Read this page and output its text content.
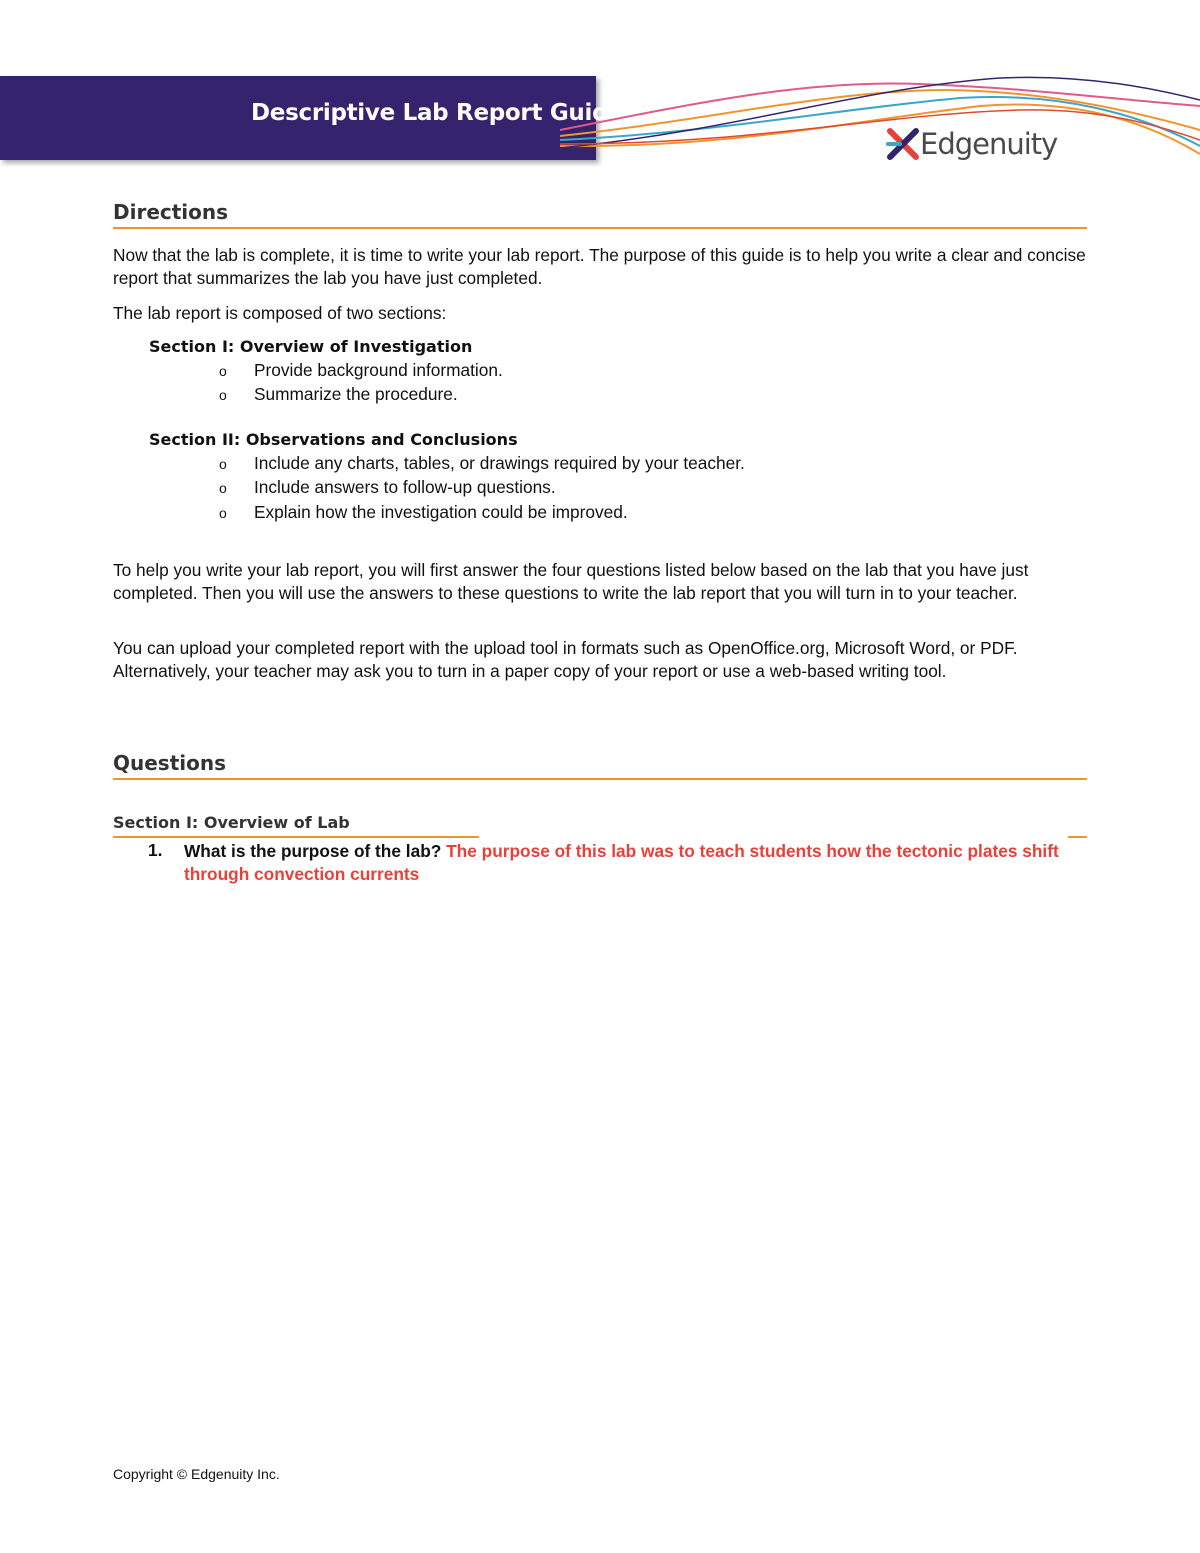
Descriptive Lab Report Guide
Edgenuity
Directions

Now that the lab is complete, it is time to write your lab report. The purpose of this guide is to help you write a clear and concise report that summarizes the lab you have just completed.

The lab report is composed of two sections:

Section I: Overview of Investigation
o Provide background information.
o Summarize the procedure.
Section II: Observations and Conclusions
o Include any charts, tables, or drawings required by your teacher.
o Include answers to follow-up questions.
o Explain how the investigation could be improved.

To help you write your lab report, you will first answer the four questions listed below based on the lab that you have just completed. Then you will use the answers to these questions to write the lab report that you will turn in to your teacher.

You can upload your completed report with the upload tool in formats such as OpenOffice.org, Microsoft Word, or PDF. Alternatively, your teacher may ask you to turn in a paper copy of your report or use a web-based writing tool.

Questions
Section I: Overview of Lab
1. What is the purpose of the lab? The purpose of this lab was to teach students how the tectonic plates shift through convection currents
Copyright © Edgenuity Inc.
